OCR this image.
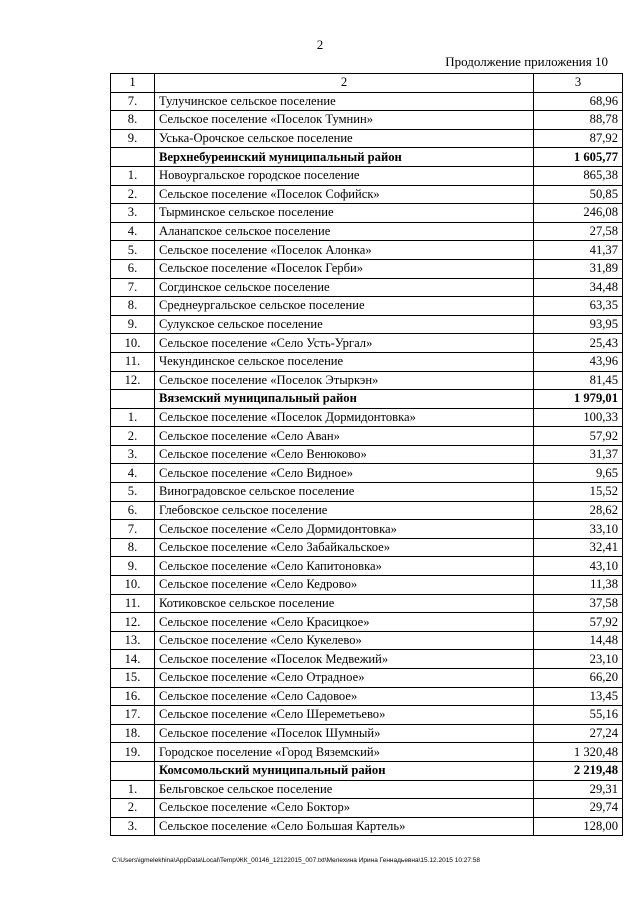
2
Продолжение приложения 10
1	2	3
7.	Тулучинское сельское поселение	68,96
8.	Сельское поселение «Поселок Тумнин»	88,78
9.	Уська-Орочское сельское поселение	87,92
	Верхнебуреинский муниципальный район	1 605,77
1.	Новоургальское городское поселение	865,38
2.	Сельское поселение «Поселок Софийск»	50,85
3.	Тырминское сельское поселение	246,08
4.	Аланапское сельское поселение	27,58
5.	Сельское поселение «Поселок Алонка»	41,37
6.	Сельское поселение «Поселок Герби»	31,89
7.	Согдинское сельское поселение	34,48
8.	Среднеургальское сельское поселение	63,35
9.	Сулукское сельское поселение	93,95
10.	Сельское поселение «Село Усть-Ургал»	25,43
11.	Чекундинское сельское поселение	43,96
12.	Сельское поселение «Поселок Этыркэн»	81,45
	Вяземский муниципальный район	1 979,01
1.	Сельское поселение «Поселок Дормидонтовка»	100,33
2.	Сельское поселение «Село Аван»	57,92
3.	Сельское поселение «Село Венюково»	31,37
4.	Сельское поселение «Село Видное»	9,65
5.	Виноградовское сельское поселение	15,52
6.	Глебовское сельское поселение	28,62
7.	Сельское поселение «Село Дормидонтовка»	33,10
8.	Сельское поселение «Село Забайкальское»	32,41
9.	Сельское поселение «Село Капитоновка»	43,10
10.	Сельское поселение «Село Кедрово»	11,38
11.	Котиковское сельское поселение	37,58
12.	Сельское поселение «Село Красицкое»	57,92
13.	Сельское поселение «Село Кукелево»	14,48
14.	Сельское поселение «Поселок Медвежий»	23,10
15.	Сельское поселение «Село Отрадное»	66,20
16.	Сельское поселение «Село Садовое»	13,45
17.	Сельское поселение «Село Шереметьево»	55,16
18.	Сельское поселение «Поселок Шумный»	27,24
19.	Городское поселение «Город Вяземский»	1 320,48
	Комсомольский муниципальный район	2 219,48
1.	Бельговское сельское поселение	29,31
2.	Сельское поселение «Село Боктор»	29,74
3.	Сельское поселение «Село Большая Картель»	128,00
C:\Users\igmelekhina\AppData\Local\Temp\ЖК_00146_12122015_007.txt\Мелехина Ирина Геннадьевна\15.12.2015 10:27:58
